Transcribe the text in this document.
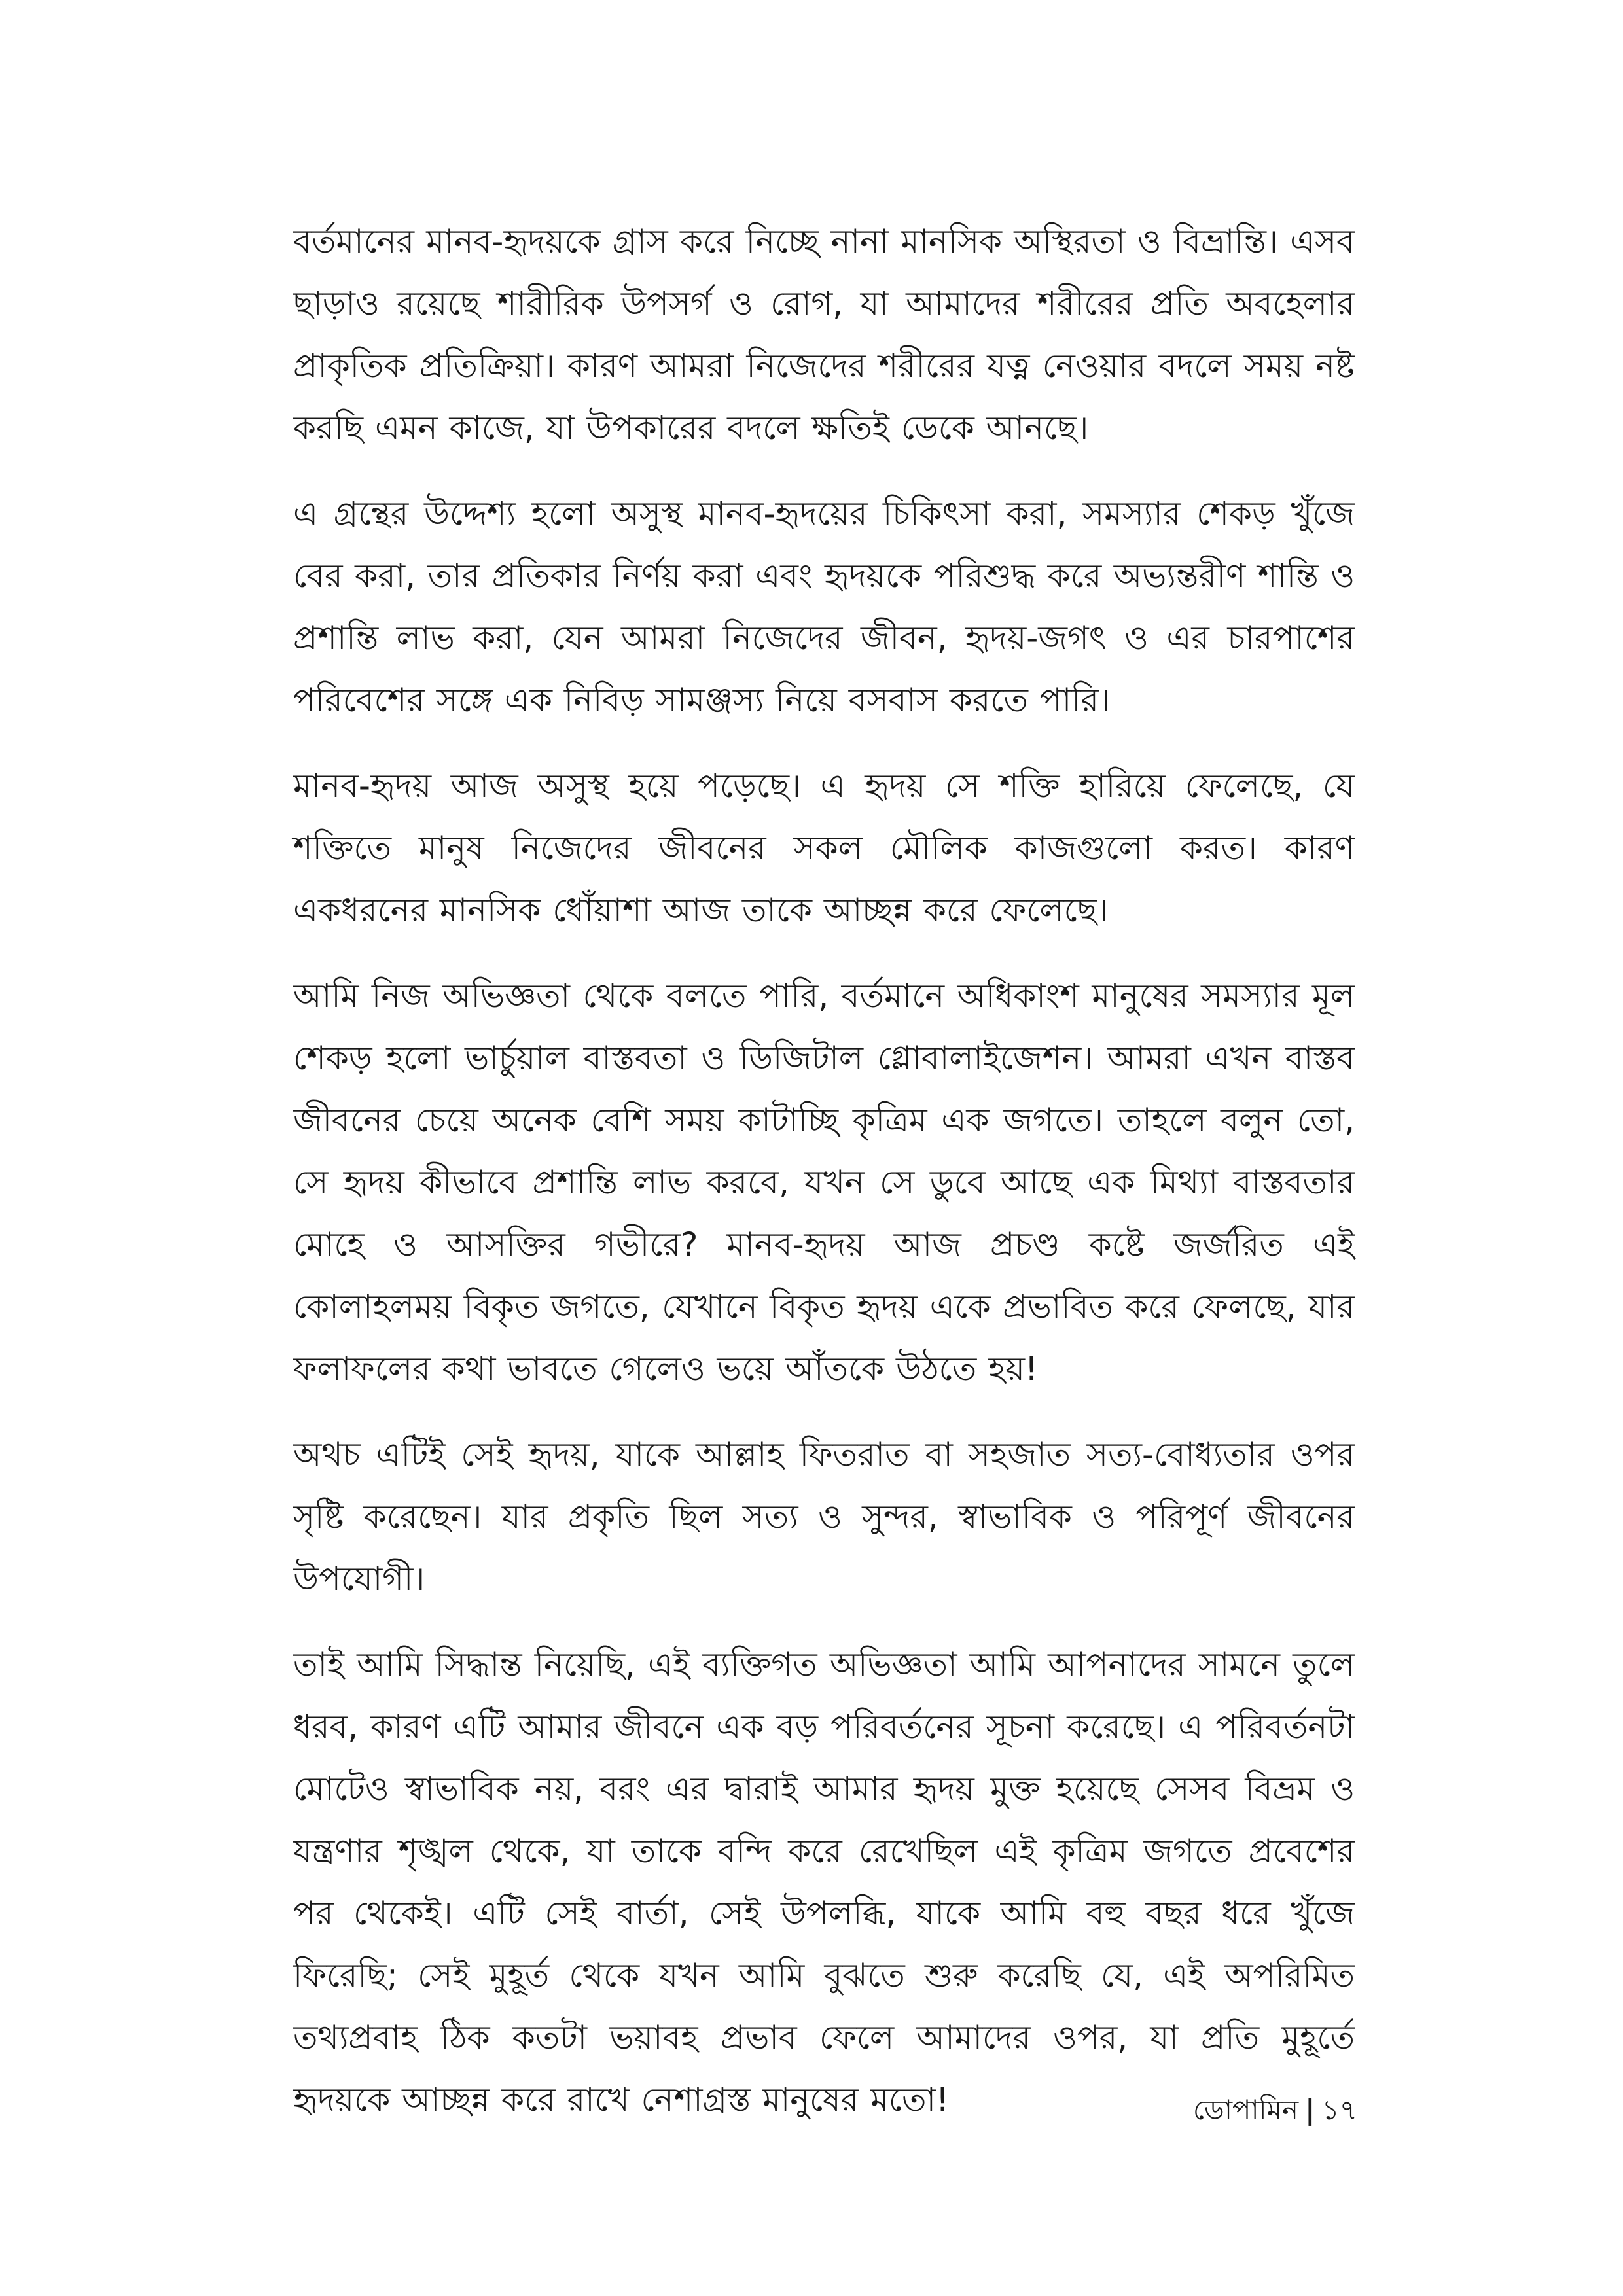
বর্তমানের মানব-হৃদয়কে গ্রাস করে নিচ্ছে নানা মানসিক অস্থিরতা ও বিভ্রান্তি। এসব ছাড়াও রয়েছে শারীরিক উপসর্গ ও রোগ, যা আমাদের শরীরের প্রতি অবহেলার প্রাকৃতিক প্রতিক্রিয়া। কারণ আমরা নিজেদের শরীরের যত্ন নেওয়ার বদলে সময় নষ্ট করছি এমন কাজে, যা উপকারের বদলে ক্ষতিই ডেকে আনছে।

এ গ্রন্থের উদ্দেশ্য হলো অসুস্থ মানব-হৃদয়ের চিকিৎসা করা, সমস্যার শেকড় খুঁজে বের করা, তার প্রতিকার নির্ণয় করা এবং হৃদয়কে পরিশুদ্ধ করে অভ্যন্তরীণ শান্তি ও প্রশান্তি লাভ করা, যেন আমরা নিজেদের জীবন, হৃদয়-জগৎ ও এর চারপাশের পরিবেশের সঙ্গে এক নিবিড় সামঞ্জস্য নিয়ে বসবাস করতে পারি।

মানব-হৃদয় আজ অসুস্থ হয়ে পড়েছে। এ হৃদয় সে শক্তি হারিয়ে ফেলেছে, যে শক্তিতে মানুষ নিজেদের জীবনের সকল মৌলিক কাজগুলো করত। কারণ একধরনের মানসিক ধোঁয়াশা আজ তাকে আচ্ছন্ন করে ফেলেছে।

আমি নিজ অভিজ্ঞতা থেকে বলতে পারি, বর্তমানে অধিকাংশ মানুষের সমস্যার মূল শেকড় হলো ভার্চুয়াল বাস্তবতা ও ডিজিটাল গ্লোবালাইজেশন। আমরা এখন বাস্তব জীবনের চেয়ে অনেক বেশি সময় কাটাচ্ছি কৃত্রিম এক জগতে। তাহলে বলুন তো, সে হৃদয় কীভাবে প্রশান্তি লাভ করবে, যখন সে ডুবে আছে এক মিথ্যা বাস্তবতার মোহে ও আসক্তির গভীরে? মানব-হৃদয় আজ প্রচণ্ড কষ্টে জর্জরিত এই কোলাহলময় বিকৃত জগতে, যেখানে বিকৃত হৃদয় একে প্রভাবিত করে ফেলছে, যার ফলাফলের কথা ভাবতে গেলেও ভয়ে আঁতকে উঠতে হয়!

অথচ এটিই সেই হৃদয়, যাকে আল্লাহ ফিতরাত বা সহজাত সত্য-বোধ্যতার ওপর সৃষ্টি করেছেন। যার প্রকৃতি ছিল সত্য ও সুন্দর, স্বাভাবিক ও পরিপূর্ণ জীবনের উপযোগী।

তাই আমি সিদ্ধান্ত নিয়েছি, এই ব্যক্তিগত অভিজ্ঞতা আমি আপনাদের সামনে তুলে ধরব, কারণ এটি আমার জীবনে এক বড় পরিবর্তনের সূচনা করেছে। এ পরিবর্তনটা মোটেও স্বাভাবিক নয়, বরং এর দ্বারাই আমার হৃদয় মুক্ত হয়েছে সেসব বিভ্রম ও যন্ত্রণার শৃঙ্খল থেকে, যা তাকে বন্দি করে রেখেছিল এই কৃত্রিম জগতে প্রবেশের পর থেকেই। এটি সেই বার্তা, সেই উপলব্ধি, যাকে আমি বহু বছর ধরে খুঁজে ফিরেছি; সেই মুহূর্ত থেকে যখন আমি বুঝতে শুরু করেছি যে, এই অপরিমিত তথ্যপ্রবাহ ঠিক কতটা ভয়াবহ প্রভাব ফেলে আমাদের ওপর, যা প্রতি মুহূর্তে হৃদয়কে আচ্ছন্ন করে রাখে নেশাগ্রস্ত মানুষের মতো!	ডোপামিন | ১৭
